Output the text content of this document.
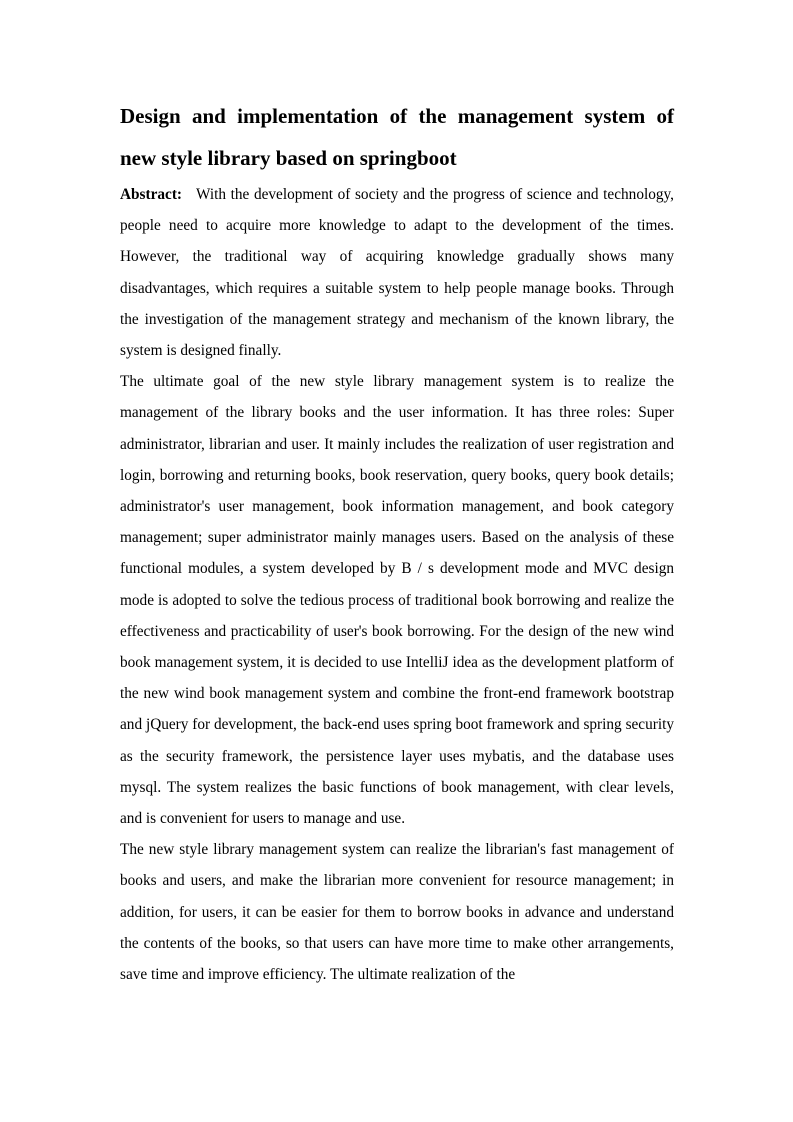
Design and implementation of the management system of
new style library based on springboot

Abstract: With the development of society and the progress of science and technology, people need to acquire more knowledge to adapt to the development of the times. However, the traditional way of acquiring knowledge gradually shows many disadvantages, which requires a suitable system to help people manage books. Through the investigation of the management strategy and mechanism of the known library, the system is designed finally.

The ultimate goal of the new style library management system is to realize the management of the library books and the user information. It has three roles: Super administrator, librarian and user. It mainly includes the realization of user registration and login, borrowing and returning books, book reservation, query books, query book details; administrator's user management, book information management, and book category management; super administrator mainly manages users. Based on the analysis of these functional modules, a system developed by B / s development mode and MVC design mode is adopted to solve the tedious process of traditional book borrowing and realize the effectiveness and practicability of user's book borrowing. For the design of the new wind book management system, it is decided to use IntelliJ idea as the development platform of the new wind book management system and combine the front-end framework bootstrap and jQuery for development, the back-end uses spring boot framework and spring security as the security framework, the persistence layer uses mybatis, and the database uses mysql. The system realizes the basic functions of book management, with clear levels, and is convenient for users to manage and use.

The new style library management system can realize the librarian's fast management of books and users, and make the librarian more convenient for resource management; in addition, for users, it can be easier for them to borrow books in advance and understand the contents of the books, so that users can have more time to make other arrangements, save time and improve efficiency. The ultimate realization of the
